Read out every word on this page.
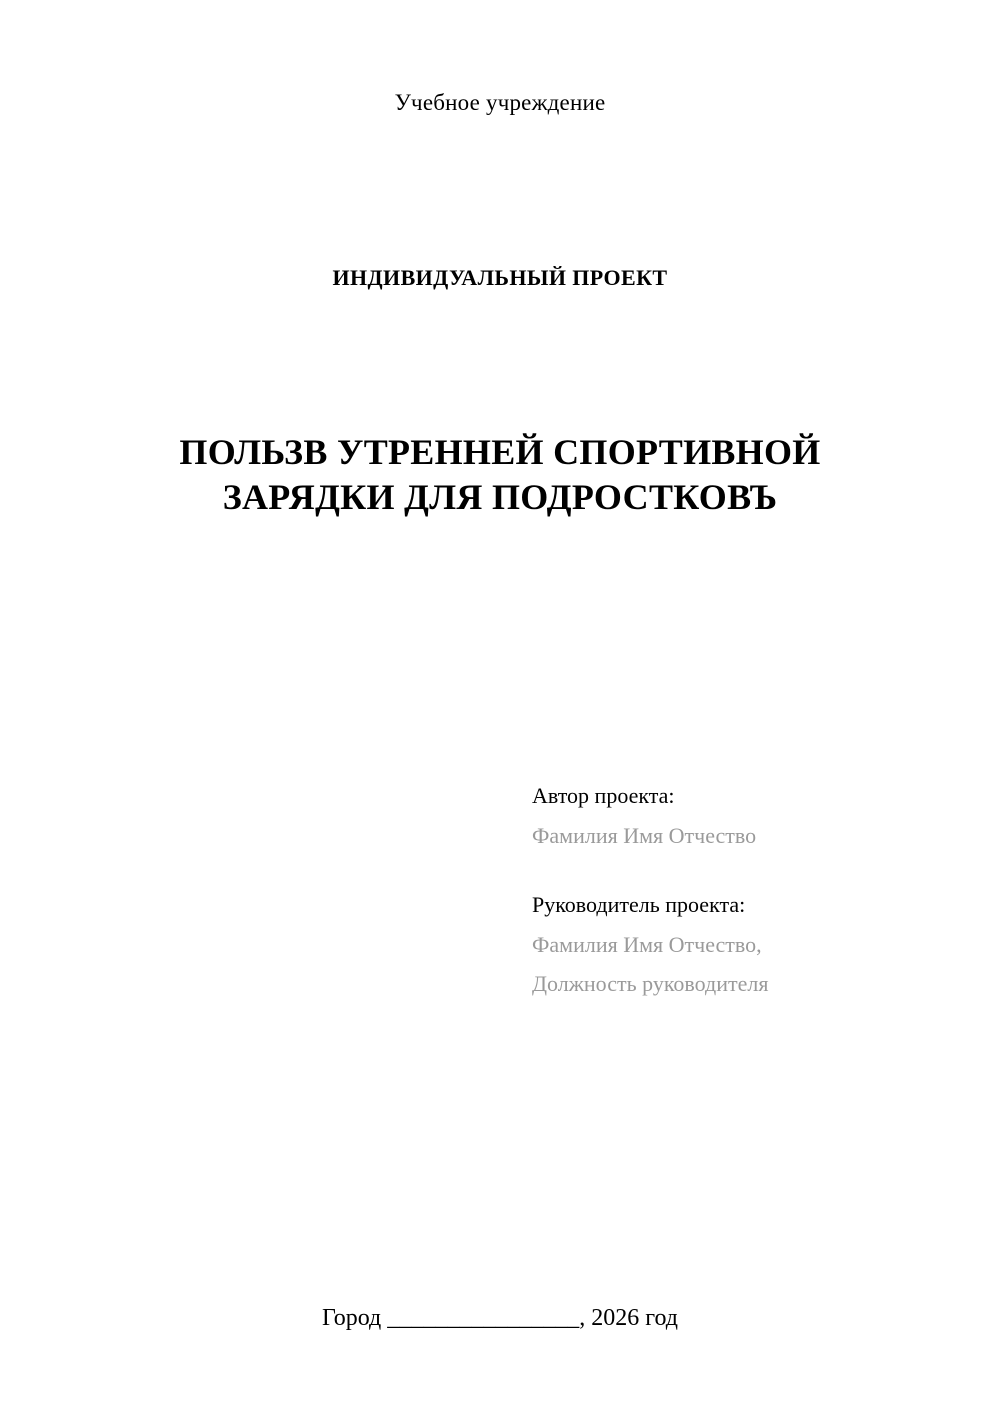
Учебное учреждение
ИНДИВИДУАЛЬНЫЙ ПРОЕКТ
ПОЛЬЗВ УТРЕННЕЙ СПОРТИВНОЙ
ЗАРЯДКИ ДЛЯ ПОДРОСТКОВЪ

Автор проекта:

Фамилия Имя Отчество

Руководитель проекта:

Фамилия Имя Отчество,

Должность руководителя

Город ________________, 2026 год
